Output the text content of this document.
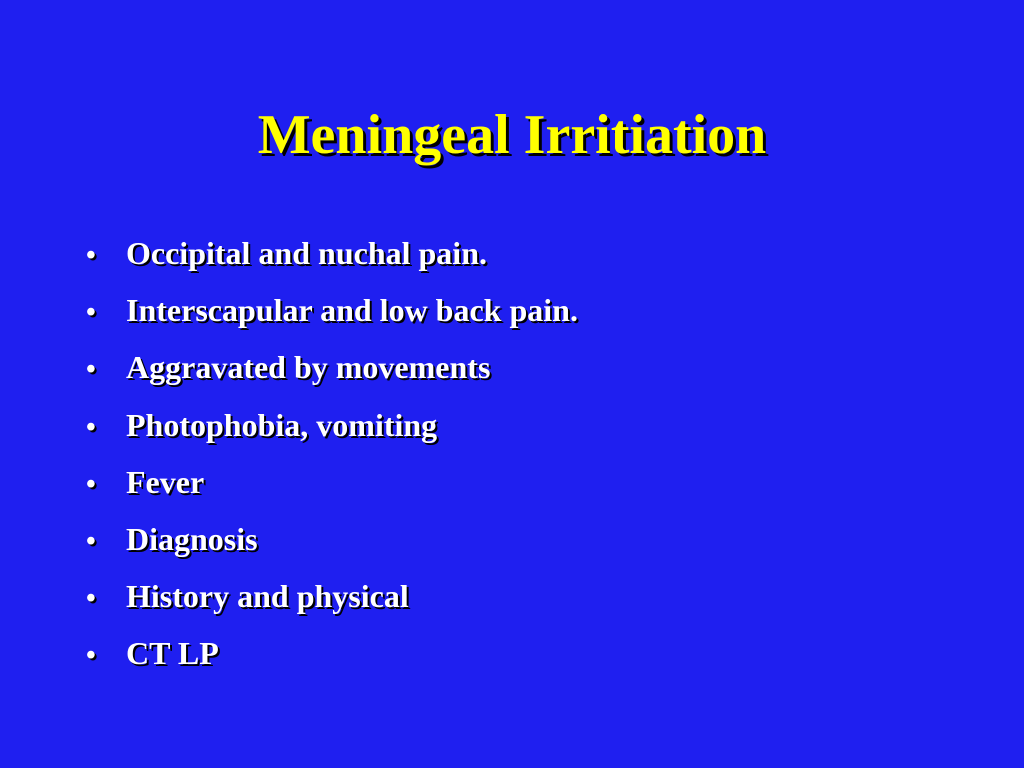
Meningeal Irritiation
• Occipital and nuchal pain.
• Interscapular and low back pain.
• Aggravated by movements
• Photophobia, vomiting
• Fever
• Diagnosis
• History and physical
• CT LP
